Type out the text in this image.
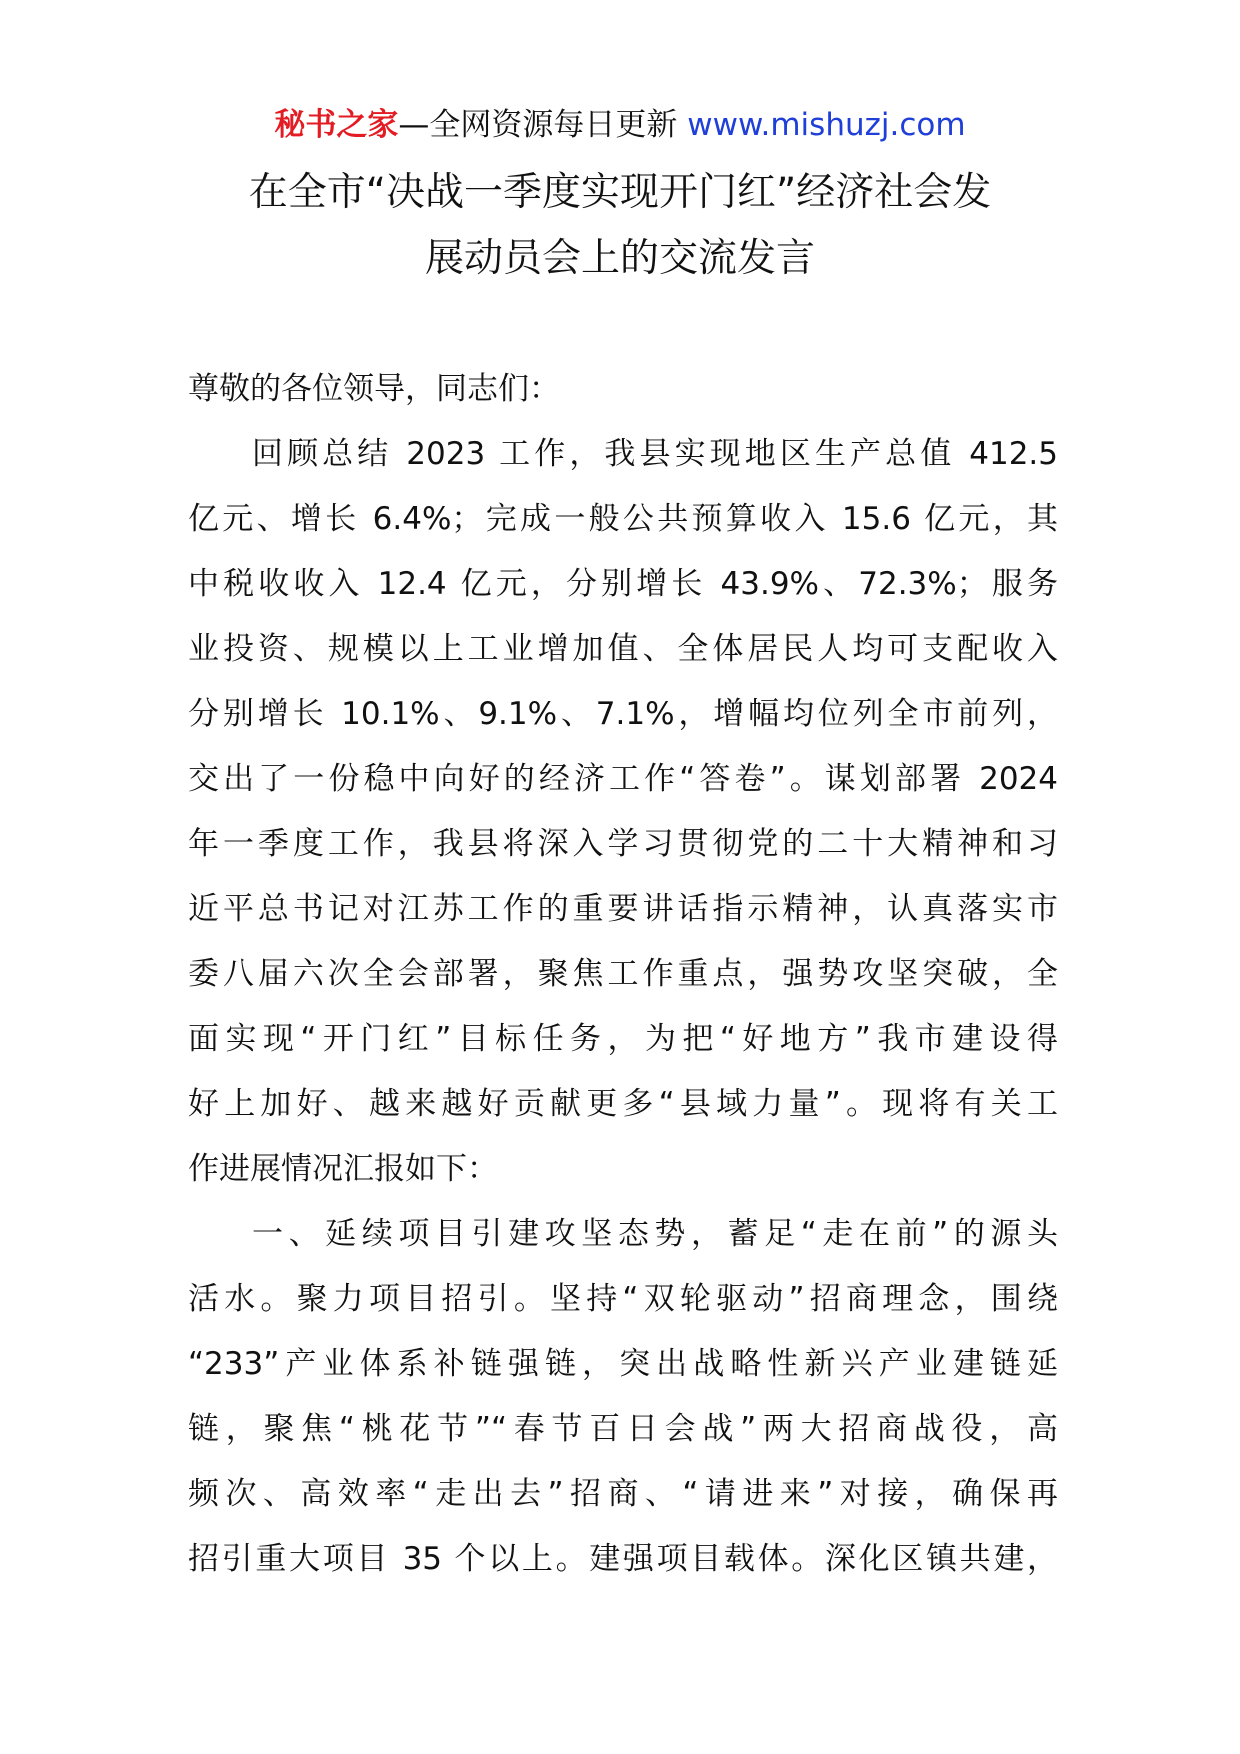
秘书之家—全网资源每日更新 www.mishuzj.com
在全市“决战一季度实现开门红”经济社会发
展动员会上的交流发言
尊敬的各位领导，同志们：
回顾总结 2023 工作，我县实现地区生产总值 412.5
亿元、增长 6.4%；完成一般公共预算收入 15.6 亿元，其
中税收收入 12.4 亿元，分别增长 43.9%、72.3%；服务
业投资、规模以上工业增加值、全体居民人均可支配收入
分别增长 10.1%、9.1%、7.1%，增幅均位列全市前列，
交出了一份稳中向好的经济工作“答卷”。谋划部署 2024
年一季度工作，我县将深入学习贯彻党的二十大精神和习
近平总书记对江苏工作的重要讲话指示精神，认真落实市
委八届六次全会部署，聚焦工作重点，强势攻坚突破，全
面实现“开门红”目标任务，为把“好地方”我市建设得
好上加好、越来越好贡献更多“县域力量”。现将有关工
作进展情况汇报如下：
一、延续项目引建攻坚态势，蓄足“走在前”的源头
活水。聚力项目招引。坚持“双轮驱动”招商理念，围绕
“233”产业体系补链强链，突出战略性新兴产业建链延
链，聚焦“桃花节”“春节百日会战”两大招商战役，高
频次、高效率“走出去”招商、“请进来”对接，确保再
招引重大项目 35 个以上。建强项目载体。深化区镇共建，
